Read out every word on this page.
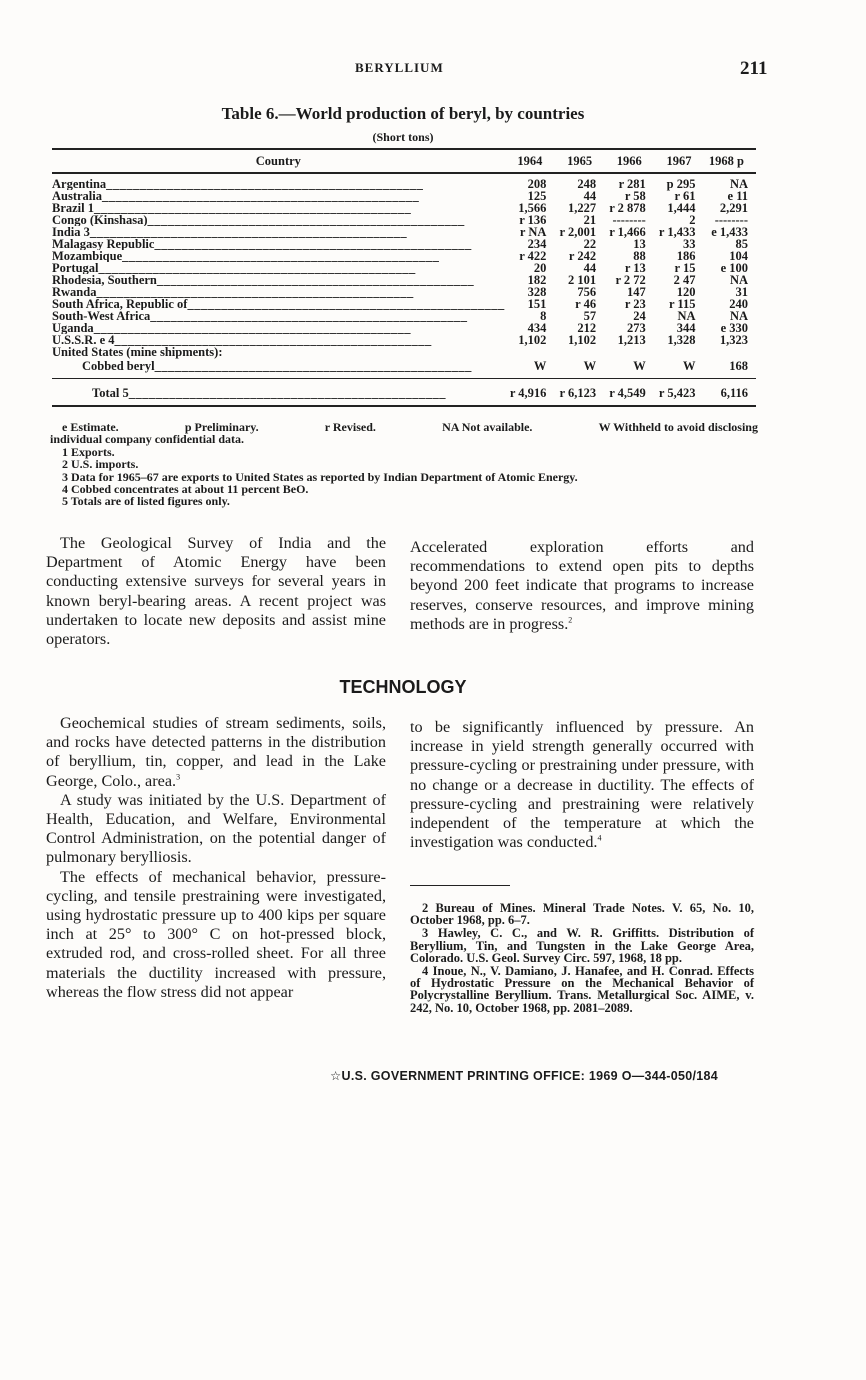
BERYLLIUM	211
Table 6.—World production of beryl, by countries
(Short tons)
Country	1964	1965	1966	1967	1968 p
Argentina _____	208	248	r 281	p 295	NA
Australia _____	125	44	r 58	r 61	e 11
Brazil 1 _____	1,566	1,227	r 2 878	1,444	2,291
Congo (Kinshasa) _____	r 136	21	--------	2	--------
India 3 _____	r NA	r 2,001	r 1,466	r 1,433	e 1,433
Malagasy Republic _____	234	22	13	33	85
Mozambique _____	r 422	r 242	88	186	104
Portugal _____	20	44	r 13	r 15	e 100
Rhodesia, Southern _____	182	2 101	r 2 72	2 47	NA
Rwanda _____	328	756	147	120	31
South Africa, Republic of _____	151	r 46	r 23	r 115	240
South-West Africa _____	8	57	24	NA	NA
Uganda _____	434	212	273	344	e 330
U.S.S.R. e 4 _____	1,102	1,102	1,213	1,328	1,323
United States (mine shipments):					
Cobbed beryl _____	W	W	W	W	168
Total 5 _____	r 4,916	r 6,123	r 4,549	r 5,423	6,116
e Estimate.	p Preliminary.	r Revised.	NA Not available.	W Withheld to avoid disclosing

individual company confidential data.

1 Exports.

2 U.S. imports.

3 Data for 1965–67 are exports to United States as reported by Indian Department of Atomic Energy.

4 Cobbed concentrates at about 11 percent BeO.

5 Totals are of listed figures only.

The Geological Survey of India and the Department of Atomic Energy have been conducting extensive surveys for several years in known beryl-bearing areas. A recent project was undertaken to locate new deposits and assist mine operators.

Accelerated exploration efforts and recommendations to extend open pits to depths beyond 200 feet indicate that programs to increase reserves, conserve resources, and improve mining methods are in progress.$^2$

TECHNOLOGY

Geochemical studies of stream sediments, soils, and rocks have detected patterns in the distribution of beryllium, tin, copper, and lead in the Lake George, Colo., area.$^3$

A study was initiated by the U.S. Department of Health, Education, and Welfare, Environmental Control Administration, on the potential danger of pulmonary berylliosis.

The effects of mechanical behavior, pressure-cycling, and tensile prestraining were investigated, using hydrostatic pressure up to 400 kips per square inch at 25° to 300° C on hot-pressed block, extruded rod, and cross-rolled sheet. For all three materials the ductility increased with pressure, whereas the flow stress did not appear

to be significantly influenced by pressure. An increase in yield strength generally occurred with pressure-cycling or prestraining under pressure, with no change or a decrease in ductility. The effects of pressure-cycling and prestraining were relatively independent of the temperature at which the investigation was conducted.$^4$

2 Bureau of Mines. Mineral Trade Notes. V. 65, No. 10, October 1968, pp. 6–7.

3 Hawley, C. C., and W. R. Griffitts. Distribution of Beryllium, Tin, and Tungsten in the Lake George Area, Colorado. U.S. Geol. Survey Circ. 597, 1968, 18 pp.

4 Inoue, N., V. Damiano, J. Hanafee, and H. Conrad. Effects of Hydrostatic Pressure on the Mechanical Behavior of Polycrystalline Beryllium. Trans. Metallurgical Soc. AIME, v. 242, No. 10, October 1968, pp. 2081–2089.

☆U.S. GOVERNMENT PRINTING OFFICE: 1969 O—344-050/184
